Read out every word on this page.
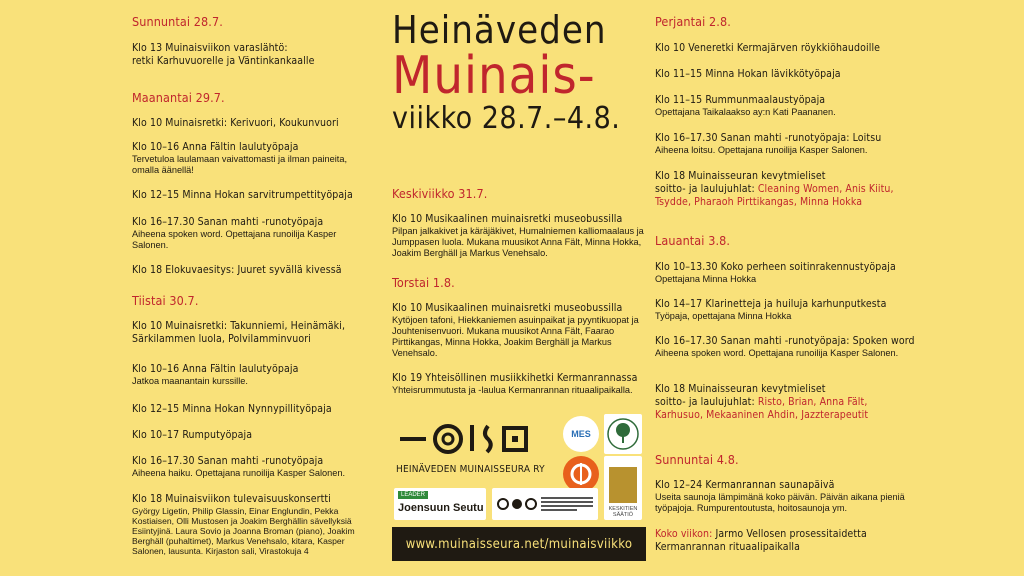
Sunnuntai 28.7.

Klo 13 Muinaisviikon varaslähtö:

retki Karhuvuorelle ja Väntinkankaalle

Maanantai 29.7.

Klo 10 Muinaisretki: Kerivuori, Koukunvuori

Klo 10–16 Anna Fältin laulutyöpaja

Tervetuloa laulamaan vaivattomasti ja ilman paineita, omalla äänellä!

Klo 12–15 Minna Hokan sarvitrumpettityöpaja

Klo 16–17.30 Sanan mahti -runotyöpaja

Aiheena spoken word. Opettajana runoilija Kasper Salonen.

Klo 18 Elokuvaesitys: Juuret syvällä kivessä

Tiistai 30.7.

Klo 10 Muinaisretki: Takunniemi, Heinämäki, Särkilammen luola, Polvilamminvuori

Klo 10–16 Anna Fältin laulutyöpaja

Jatkoa maanantain kurssille.

Klo 12–15 Minna Hokan Nynnypillityöpaja

Klo 10–17 Rumputyöpaja

Klo 16–17.30 Sanan mahti -runotyöpaja

Aiheena haiku. Opettajana runoilija Kasper Salonen.

Klo 18 Muinaisviikon tulevaisuuskonsertti

György Ligetin, Philip Glassin, Einar Englundin, Pekka Kostiaisen, Olli Mustosen ja Joakim Berghällin sävellyksiä Esiintyjinä. Laura Sovio ja Joanna Broman (piano), Joakim Berghäll (puhaltimet), Markus Venehsalo, kitara, Kasper Salonen, lausunta. Kirjaston sali, Virastokuja 4

Heinäveden

Muinais-

viikko 28.7.–4.8.

Keskiviikko 31.7.

Klo 10 Musikaalinen muinaisretki museobussilla

Pilpan jalkakivet ja käräjäkivet, Humalniemen kalliomaalaus ja Jumppasen luola. Mukana muusikot Anna Fält, Minna Hokka, Joakim Berghäll ja Markus Venehsalo.

Torstai 1.8.

Klo 10 Musikaalinen muinaisretki museobussilla

Kytöjoen tafoni, Hiekkaniemen asuinpaikat ja pyyntikuopat ja Jouhtenisenvuori. Mukana muusikot Anna Fält, Faarao Pirttikangas, Minna Hokka, Joakim Berghäll ja Markus Venehsalo.

Klo 19 Yhteisöllinen musiikkihetki Kermanrannassa

Yhteisrummutusta ja -laulua Kermanrannan rituaalipaikalla.

HEINÄVEDEN MUINAISSEURA RY
MES
KESKITIEN SÄÄTIÖ
LEADER
Joensuun Seutu
www.muinaisseura.net/muinaisviikko

Perjantai 2.8.

Klo 10 Veneretki Kermajärven röykkiöhaudoille

Klo 11–15 Minna Hokan lävikkötyöpaja

Klo 11–15 Rummunmaalaustyöpaja

Opettajana Taikalaakso ay:n Kati Paananen.

Klo 16–17.30 Sanan mahti -runotyöpaja: Loitsu

Aiheena loitsu. Opettajana runoilija Kasper Salonen.

Klo 18 Muinaisseuran kevytmieliset

soitto- ja laulujuhlat: Cleaning Women, Anis Kiitu, Tsydde, Pharaoh Pirttikangas, Minna Hokka

Lauantai 3.8.

Klo 10–13.30 Koko perheen soitinrakennustyöpaja

Opettajana Minna Hokka

Klo 14–17 Klarinetteja ja huiluja karhunputkesta

Työpaja, opettajana Minna Hokka

Klo 16–17.30 Sanan mahti -runotyöpaja: Spoken word

Aiheena spoken word. Opettajana runoilija Kasper Salonen.

Klo 18 Muinaisseuran kevytmieliset

soitto- ja laulujuhlat: Risto, Brian, Anna Fält, Karhusuo, Mekaaninen Ahdin, Jazzterapeutit

Sunnuntai 4.8.

Klo 12–24 Kermanrannan saunapäivä

Useita saunoja lämpimänä koko päivän. Päivän aikana pieniä työpajoja. Rumpurentoutusta, hoitosaunoja ym.

Koko viikon: Jarmo Vellosen prosessitaidetta Kermanrannan rituaalipaikalla
